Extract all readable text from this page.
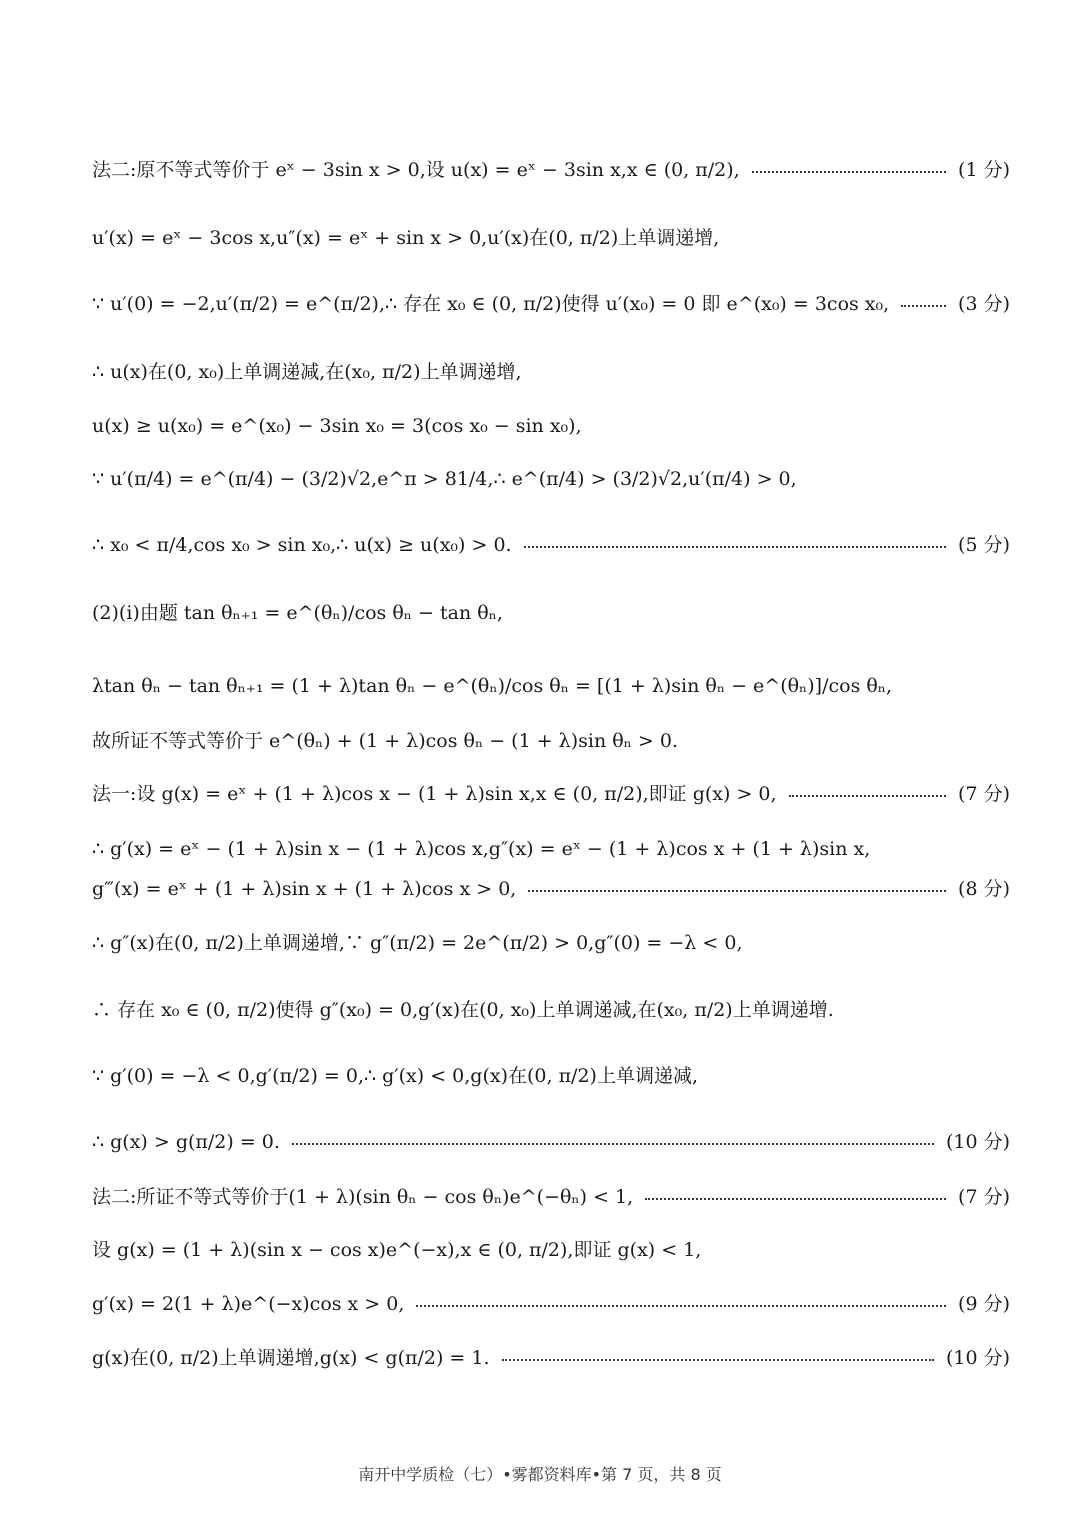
法二:原不等式等价于 eˣ − 3sin x > 0,设 u(x) = eˣ − 3sin x,x ∈ (0, π/2),	(1 分)
u′(x) = eˣ − 3cos x,u″(x) = eˣ + sin x > 0,u′(x)在(0, π/2)上单调递增,
∵ u′(0) = −2,u′(π/2) = e^(π/2),∴ 存在 x₀ ∈ (0, π/2)使得 u′(x₀) = 0 即 e^(x₀) = 3cos x₀,	(3 分)
∴ u(x)在(0, x₀)上单调递减,在(x₀, π/2)上单调递增,
u(x) ≥ u(x₀) = e^(x₀) − 3sin x₀ = 3(cos x₀ − sin x₀),
∵ u′(π/4) = e^(π/4) − (3/2)√2,e^π > 81/4,∴ e^(π/4) > (3/2)√2,u′(π/4) > 0,
∴ x₀ < π/4,cos x₀ > sin x₀,∴ u(x) ≥ u(x₀) > 0.	(5 分)
(2)(i)由题 tan θₙ₊₁ = e^(θₙ)/cos θₙ − tan θₙ,
λtan θₙ − tan θₙ₊₁ = (1 + λ)tan θₙ − e^(θₙ)/cos θₙ = [(1 + λ)sin θₙ − e^(θₙ)]/cos θₙ,
故所证不等式等价于 e^(θₙ) + (1 + λ)cos θₙ − (1 + λ)sin θₙ > 0.
法一:设 g(x) = eˣ + (1 + λ)cos x − (1 + λ)sin x,x ∈ (0, π/2),即证 g(x) > 0,	(7 分)
∴ g′(x) = eˣ − (1 + λ)sin x − (1 + λ)cos x,g″(x) = eˣ − (1 + λ)cos x + (1 + λ)sin x,
g‴(x) = eˣ + (1 + λ)sin x + (1 + λ)cos x > 0,	(8 分)
∴ g″(x)在(0, π/2)上单调递增,∵ g″(π/2) = 2e^(π/2) > 0,g″(0) = −λ < 0,
∴ 存在 x₀ ∈ (0, π/2)使得 g″(x₀) = 0,g′(x)在(0, x₀)上单调递减,在(x₀, π/2)上单调递增.
∵ g′(0) = −λ < 0,g′(π/2) = 0,∴ g′(x) < 0,g(x)在(0, π/2)上单调递减,
∴ g(x) > g(π/2) = 0.	(10 分)
法二:所证不等式等价于(1 + λ)(sin θₙ − cos θₙ)e^(−θₙ) < 1,	(7 分)
设 g(x) = (1 + λ)(sin x − cos x)e^(−x),x ∈ (0, π/2),即证 g(x) < 1,
g′(x) = 2(1 + λ)e^(−x)cos x > 0,	(9 分)
g(x)在(0, π/2)上单调递增,g(x) < g(π/2) = 1.	(10 分)
南开中学质检（七）•雾都资料库•第 7 页，共 8 页
